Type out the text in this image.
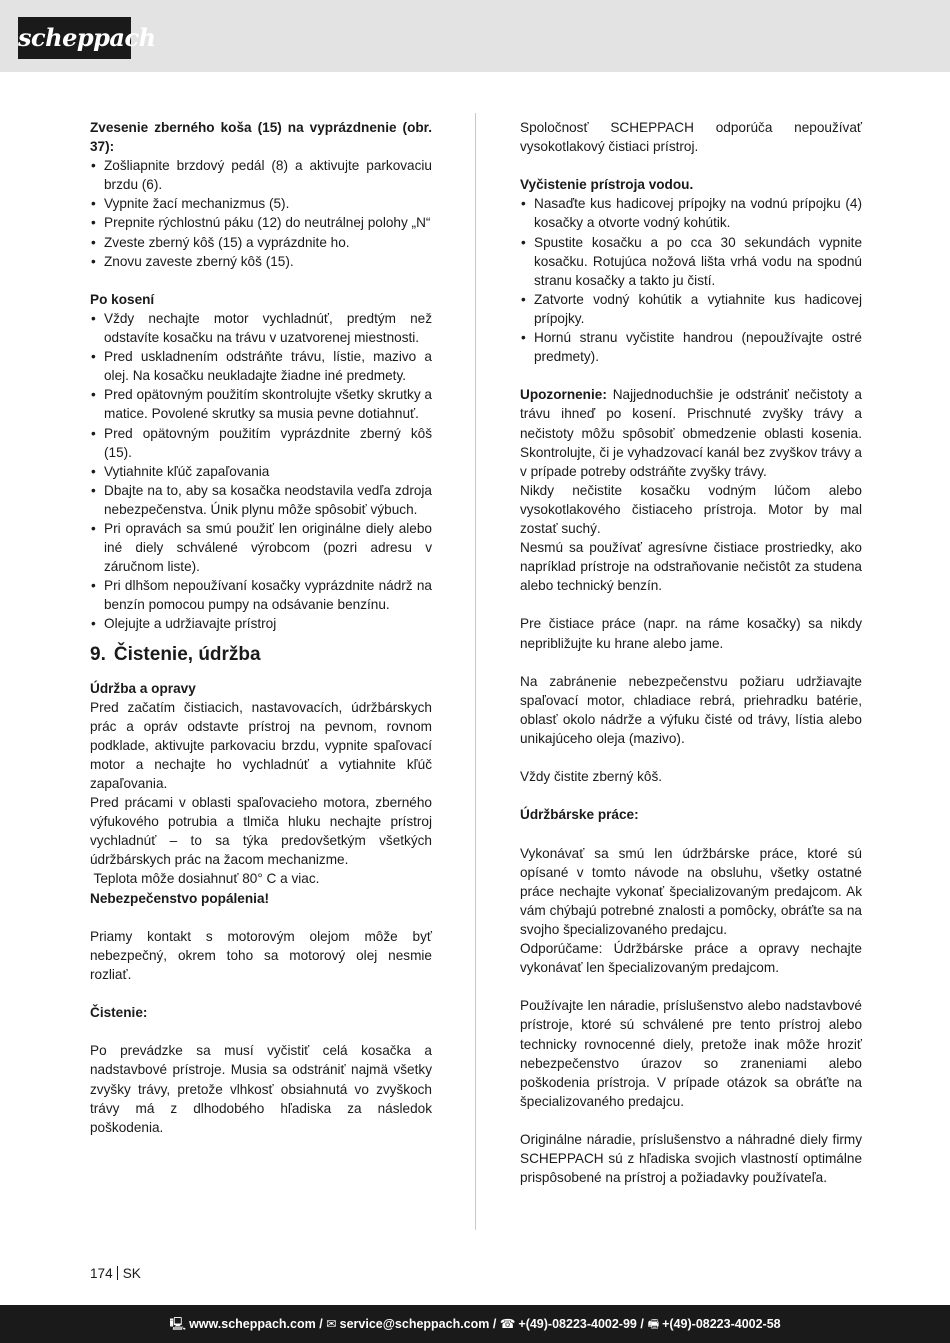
scheppach

Zvesenie zberného koša (15) na vyprázdnenie (obr. 37):

• Zošliapnite brzdový pedál (8) a aktivujte parkovaciu brzdu (6).
• Vypnite žací mechanizmus (5).
• Prepnite rýchlostnú páku (12) do neutrálnej polohy „N“
• Zveste zberný kôš (15) a vyprázdnite ho.
• Znovu zaveste zberný kôš (15).

Po kosení

• Vždy nechajte motor vychladnúť, predtým než odstavíte kosačku na trávu v uzatvorenej miestnosti.
• Pred uskladnením odstráňte trávu, lístie, mazivo a olej. Na kosačku neukladajte žiadne iné predmety.
• Pred opätovným použitím skontrolujte všetky skrutky a matice. Povolené skrutky sa musia pevne dotiahnuť.
• Pred opätovným použitím vyprázdnite zberný kôš (15).
• Vytiahnite kľúč zapaľovania
• Dbajte na to, aby sa kosačka neodstavila vedľa zdroja nebezpečenstva. Únik plynu môže spôsobiť výbuch.
• Pri opravách sa smú použiť len originálne diely alebo iné diely schválené výrobcom (pozri adresu v záručnom liste).
• Pri dlhšom nepoužívaní kosačky vyprázdnite nádrž na benzín pomocou pumpy na odsávanie benzínu.
• Olejujte a udržiavajte prístroj
9. Čistenie, údržba

Údržba a opravy

Pred začatím čistiacich, nastavovacích, údržbárskych prác a opráv odstavte prístroj na pevnom, rovnom podklade, aktivujte parkovaciu brzdu, vypnite spaľovací motor a nechajte ho vychladnúť a vytiahnite kľúč zapaľovania.

Pred prácami v oblasti spaľovacieho motora, zberného výfukového potrubia a tlmiča hluku nechajte prístroj vychladnúť – to sa týka predovšetkým všetkých údržbárskych prác na žacom mechanizme.

Teplota môže dosiahnuť 80° C a viac.

Nebezpečenstvo popálenia!

Priamy kontakt s motorovým olejom môže byť nebezpečný, okrem toho sa motorový olej nesmie rozliať.

Čistenie:

Po prevádzke sa musí vyčistiť celá kosačka a nadstavbové prístroje. Musia sa odstrániť najmä všetky zvyšky trávy, pretože vlhkosť obsiahnutá vo zvyškoch trávy má z dlhodobého hľadiska za následok poškodenia.

Spoločnosť SCHEPPACH odporúča nepoužívať vysokotlakový čistiaci prístroj.

Vyčistenie prístroja vodou.

• Nasaďte kus hadicovej prípojky na vodnú prípojku (4) kosačky a otvorte vodný kohútik.
• Spustite kosačku a po cca 30 sekundách vypnite kosačku. Rotujúca nožová lišta vrhá vodu na spodnú stranu kosačky a takto ju čistí.
• Zatvorte vodný kohútik a vytiahnite kus hadicovej prípojky.
• Hornú stranu vyčistite handrou (nepoužívajte ostré predmety).

Upozornenie: Najjednoduchšie je odstrániť nečistoty a trávu ihneď po kosení. Prischnuté zvyšky trávy a nečistoty môžu spôsobiť obmedzenie oblasti kosenia. Skontrolujte, či je vyhadzovací kanál bez zvyškov trávy a v prípade potreby odstráňte zvyšky trávy.

Nikdy nečistite kosačku vodným lúčom alebo vysokotlakového čistiaceho prístroja. Motor by mal zostať suchý.

Nesmú sa používať agresívne čistiace prostriedky, ako napríklad prístroje na odstraňovanie nečistôt za studena alebo technický benzín.

Pre čistiace práce (napr. na ráme kosačky) sa nikdy nepribližujte ku hrane alebo jame.

Na zabránenie nebezpečenstvu požiaru udržiavajte spaľovací motor, chladiace rebrá, priehradku batérie, oblasť okolo nádrže a výfuku čisté od trávy, lístia alebo unikajúceho oleja (mazivo).

Vždy čistite zberný kôš.

Údržbárske práce:

Vykonávať sa smú len údržbárske práce, ktoré sú opísané v tomto návode na obsluhu, všetky ostatné práce nechajte vykonať špecializovaným predajcom. Ak vám chýbajú potrebné znalosti a pomôcky, obráťte sa na svojho špecializovaného predajcu.

Odporúčame: Údržbárske práce a opravy nechajte vykonávať len špecializovaným predajcom.

Používajte len náradie, príslušenstvo alebo nadstavbové prístroje, ktoré sú schválené pre tento prístroj alebo technicky rovnocenné diely, pretože inak môže hroziť nebezpečenstvo úrazov so zraneniami alebo poškodenia prístroja. V prípade otázok sa obráťte na špecializovaného predajcu.

Originálne náradie, príslušenstvo a náhradné diely firmy SCHEPPACH sú z hľadiska svojich vlastností optimálne prispôsobené na prístroj a požiadavky používateľa.

174 SK
🖳 www.scheppach.com / ✉ service@scheppach.com / ☎ +(49)-08223-4002-99 / 🖷 +(49)-08223-4002-58
